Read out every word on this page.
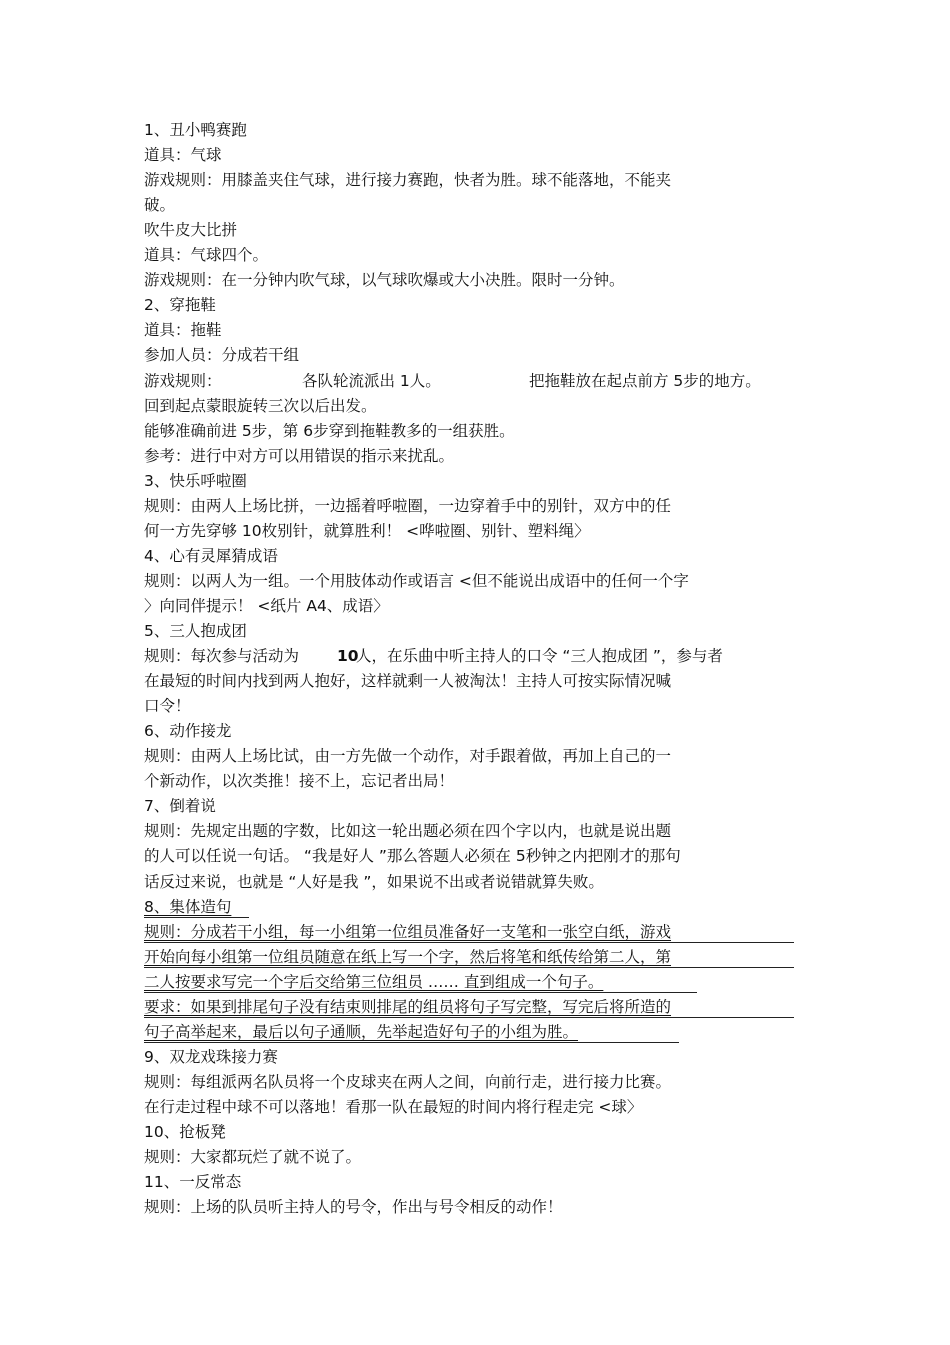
1、丑小鸭赛跑

道具：气球

游戏规则：用膝盖夹住气球，进行接力赛跑，快者为胜。球不能落地，不能夹

破。

吹牛皮大比拼

道具：气球四个。

游戏规则：在一分钟内吹气球，以气球吹爆或大小决胜。限时一分钟。

2、穿拖鞋

道具：拖鞋

参加人员：分成若干组

游戏规则：	各队轮流派出 1人。	把拖鞋放在起点前方 5步的地方。

回到起点蒙眼旋转三次以后出发。

能够准确前进 5步，第 6步穿到拖鞋教多的一组获胜。

参考：进行中对方可以用错误的指示来扰乱。

3、快乐呼啦圈

规则：由两人上场比拼，一边摇着呼啦圈，一边穿着手中的别针，双方中的任

何一方先穿够 10枚别针，就算胜利！ <哗啦圈、别针、塑料绳〉

4、心有灵犀猜成语

规则：以两人为一组。一个用肢体动作或语言 <但不能说出成语中的任何一个字

〉向同伴提示！ <纸片 A4、成语〉

5、三人抱成团

规则：每次参与活动为 10
人，在乐曲中听主持人的口令 “三人抱成团 ”，参与者

在最短的时间内找到两人抱好，这样就剩一人被淘汰！主持人可按实际情况喊

口令！

6、动作接龙

规则：由两人上场比试，由一方先做一个动作，对手跟着做，再加上自己的一

个新动作，以次类推！接不上，忘记者出局！

7、倒着说

规则：先规定出题的字数，比如这一轮出题必须在四个字以内，也就是说出题

的人可以任说一句话。 “我是好人 ”那么答题人必须在 5秒钟之内把刚才的那句

话反过来说，也就是 “人好是我 ”，如果说不出或者说错就算失败。

8、集体造句

规则：分成若干小组，每一小组第一位组员准备好一支笔和一张空白纸，游戏

开始向每小组第一位组员随意在纸上写一个字，然后将笔和纸传给第二人，第

二人按要求写完一个字后交给第三位组员 …… 直到组成一个句子。

要求：如果到排尾句子没有结束则排尾的组员将句子写完整，写完后将所造的

句子高举起来，最后以句子通顺，先举起造好句子的小组为胜。

9、双龙戏珠接力赛

规则：每组派两名队员将一个皮球夹在两人之间，向前行走，进行接力比赛。

在行走过程中球不可以落地！看那一队在最短的时间内将行程走完 <球〉

10、抢板凳

规则：大家都玩烂了就不说了。

11、一反常态

规则：上场的队员听主持人的号令，作出与号令相反的动作！
